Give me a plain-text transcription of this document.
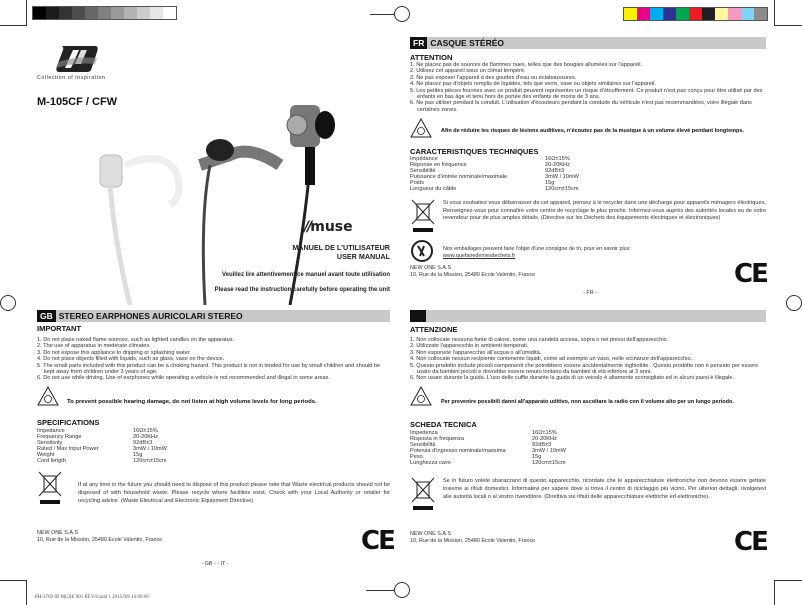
PH-3769 IB MUSE 001 REV0.indd 1 2015/9/8 16:00:06
Collection of inspiration
M-105CF / CFW
//muse
MANUEL DE L'UTILISATEUR
USER MANUAL
Veuillez lire attentivement ce manuel avant toute utilisation
Please read the instruction carefully before operating the unit
GB STEREO EARPHONES AURICOLARI STEREO
IMPORTANT
1. Do not place naked flame sources, such as lighted candles on the apparatus.
2. The use of apparatus in moderate climates.
3. Do not expose this appliance to dripping or splashing water.
4. Do not place objects filled with liquids, such as glass, vase on the device.
5. The small parts included with this product can be a choking hazard. This product is not in tended for use by small children and should be kept away from children under 3 years of age.
6. Do not use while driving. Use of earphones while operating a vehicle is not recommended and illegal in some areas.
To prevent possible hearing damage, do not listen at high volume levels for long periods.
SPECIFICATIONS
Impedance	16Ω±15%
Frequency Range	20-20KHz
Sensitivity	92dB±3
Rated / Max Input Power	3mW / 10mW
Weight	15g
Cord length	120cm±15cm
If at any time in the future you should need to dispose of this product please note that Waste electrical products should not be disposed of with household waste. Please recycle where facilities exist. Check with your Local Authority or retailer for recycling advice. (Waste Electrical and Electronic Equipment Directive)
NEW ONE S.A.S
10, Rue de la Mission, 25480 Ecole Valentin, France	CE
- GB - - IT -
FR CASQUE STÉRÉO
ATTENTION
1. Ne placez pas de sources de flammes nues, telles que des bougies allumées sur l'appareil.
2. Utilisez cet appareil sous un climat tempéré.
3. Ne pas exposer l'appareil à des gouttes d'eau ou éclaboussures.
4. Ne placez pas d'objets remplis de liquides, tels que verre, vase ou objets similaires sur l'appareil.
5. Les petites pièces fournies avec ce produit peuvent représenter un risque d'étouffement. Ce produit n'est pas conçu pour être utilisé par des enfants en bas âge et tenu hors de portée des enfants de moins de 3 ans.
6. Ne pas utiliser pendant la conduit. L'utilisation d'écouteurs pendant la conduite du véhicule n'est pas recommandées, voire illégale dans certaines zones.
Afin de réduire les risques de lésions auditives, n'écoutez pas de la musique à un volume élevé pendant longtemps.
CARACTERISTIQUES TECHNIQUES
Impédance	16Ω±15%
Réponse en fréquence	20-20KHz
Sensibilité	92dB±3
Puissance d'entrée nominale/maximale	3mW / 10mW
Poids	15g
Longueur du câble	120cm±15cm
Si vous souhaitez vous débarrasser de cet appareil, pensez à le recycler dans une décharge pour appareils ménagers électriques. Renseignez-vous pour connaître votre centre de recyclage le plus proche. Informez-vous auprès des autorités locales ou de votre revendeur pour de plus amples détails. (Directive sur les Déchets des équipements électriques et électroniques)
Nos emballages peuvent faire l'objet d'une consigne de tri, pour en savoir plus:
www.quefairedemesdechets.fr
NEW ONE S.A.S
10, Rue de la Mission, 25480 Ecole Valentin, France	CE
- FR -
ATTENZIONE
1. Non collocate nessuna fonte di calore, come una candela accesa, sopra o nei pressi dell'apparecchio.
2. Utilizzate l'apparecchio in ambienti temperati.
3. Non esponete l'apparecchio all'acqua o all'umidità.
4. Non collocate nessun recipiente contenente liquidi, come ad esempio un vaso, nelle vicinanze dell'apparecchio.
5. Questo prodotto include piccoli componenti che potrebbero essere accidentalmente inghiottite . Questo prodotto non è pensato per essere usato da bambini piccoli e dovrebbe essere tenuto lontano da bambini di età inferiore ai 3 anni.
6. Non usare durante la guida. L'uso delle cuffie durante la guida di un veicolo è altamente sconsigliato ed in alcuni paesi è illegale.
Per prevenire possibili danni all'apparato uditivo, non ascoltare la radio con il volume alto per un lungo periodo.
SCHEDA TECNICA
Impedenza	16Ω±15%
Risposta in frequenza	20-20KHz
Sensibilità	92dB±3
Potenza d'ingresso nominale/massima	3mW / 10mW
Peso	15g
Lunghezza cavo	120cm±15cm
Se in futuro volete sbarazzarvi di questo apparecchio, ricordate che le apparecchiature elettroniche non devono essere gettate insieme ai rifiuti domestici. Informatevi per sapere dove si trova il centro di riciclaggio più vicino. Per ulteriori dettagli, rivolgetevi alle autorità locali o al vostro rivenditore. (Direttiva sui rifiuti delle apparecchiature elettriche ed elettroniche).
NEW ONE S.A.S
10, Rue de la Mission, 25480 Ecole Valentin, France	CE
